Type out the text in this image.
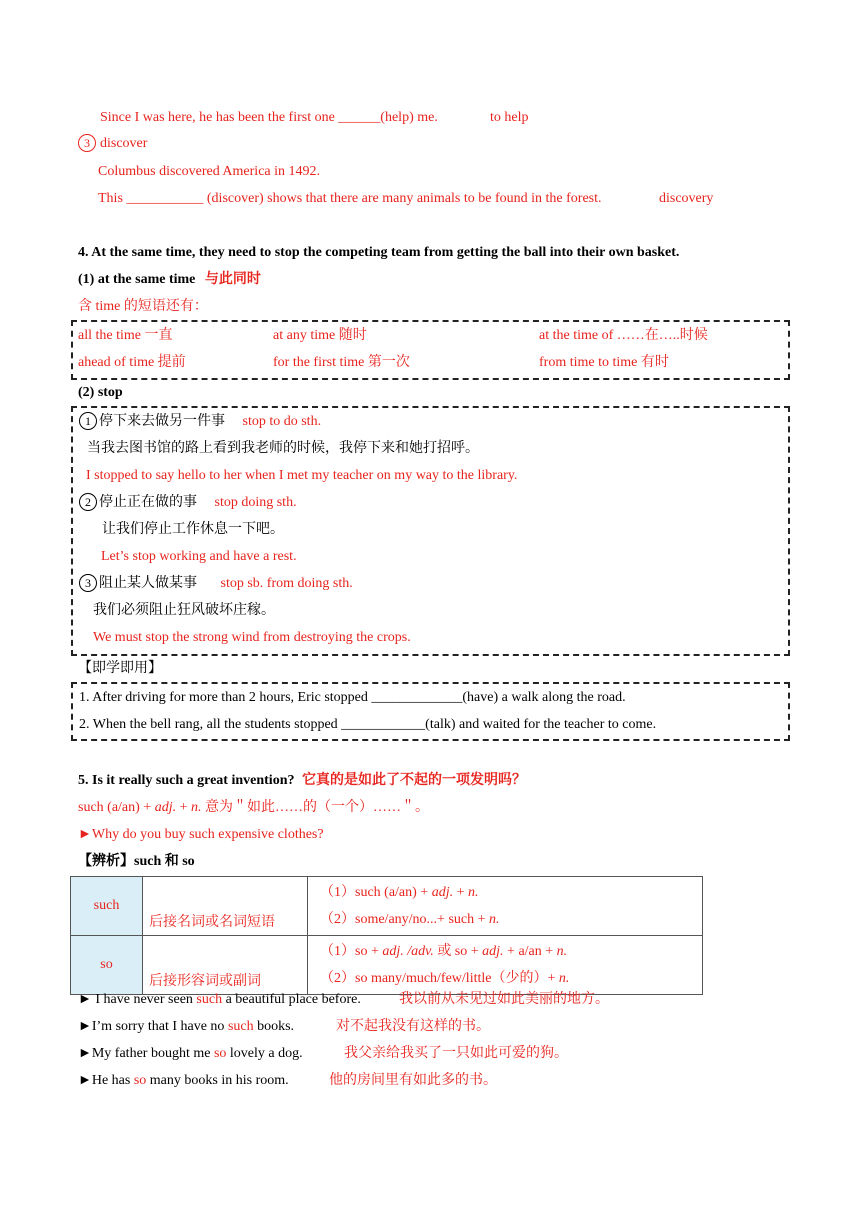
Since I was here, he has been the first one ______(help) me.	to help
3 discover
Columbus discovered America in 1492.
This ___________ (discover) shows that there are many animals to be found in the forest.	discovery
4. At the same time, they need to stop the competing team from getting the ball into their own basket.
(1) at the same time 与此同时
含 time 的短语还有：
all the time 一直	at any time 随时	at the time of ……在…..时候
ahead of time 提前	for the first time 第一次	from time to time 有时
(2) stop
1 停下来去做另一件事 stop to do sth.
当我去图书馆的路上看到我老师的时候，我停下来和她打招呼。
I stopped to say hello to her when I met my teacher on my way to the library.
2 停止正在做的事 stop doing sth.
让我们停止工作休息一下吧。
Let’s stop working and have a rest.
3 阻止某人做某事 stop sb. from doing sth.
我们必须阻止狂风破坏庄稼。
We must stop the strong wind from destroying the crops.
【即学即用】
1. After driving for more than 2 hours, Eric stopped _____________(have) a walk along the road.
2. When the bell rang, all the students stopped ____________(talk) and waited for the teacher to come.
5. Is it really such a great invention? 它真的是如此了不起的一项发明吗？
such (a/an) + adj. + n. 意为＂如此……的（一个）……＂。
►Why do you buy such expensive clothes?
【辨析】such 和 so
such	后接名词或名词短语	（1）such (a/an) + adj. + n.
（2）some/any/no...+ such + n.

so	后接形容词或副词	（1）so + adj. /adv. 或 so + adj. + a/an + n.
（2）so many/much/few/little（少的）+ n.
► I have never seen such a beautiful place before.	我以前从未见过如此美丽的地方。
►I’m sorry that I have no such books.	对不起我没有这样的书。
►My father bought me so lovely a dog.	我父亲给我买了一只如此可爱的狗。
►He has so many books in his room.	他的房间里有如此多的书。
